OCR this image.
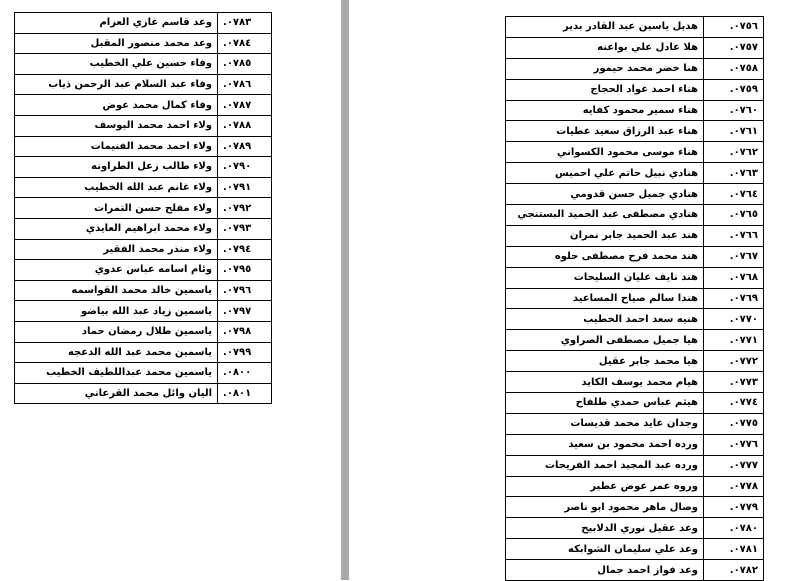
وعد قاسم غازي العزام	٠٧٨٣.
وعد محمد منصور المقبل	٠٧٨٤.
وفاء حسين علي الخطيب	٠٧٨٥.
وفاء عبد السلام عبد الرحمن ذياب	٠٧٨٦.
وفاء كمال محمد عوض	٠٧٨٧.
ولاء احمد محمد اليوسف	٠٧٨٨.
ولاء احمد محمد الفنيمات	٠٧٨٩.
ولاء طالب زعل الطراونه	٠٧٩٠.
ولاء غانم عبد الله الخطيب	٠٧٩١.
ولاء مفلح حسن التمرات	٠٧٩٢.
ولاء محمد ابراهيم العايدي	٠٧٩٣.
ولاء منذر محمد الفقير	٠٧٩٤.
وئام اسامه عباس عدوي	٠٧٩٥.
ياسمين خالد محمد القواسمه	٠٧٩٦.
ياسمين زياد عبد الله بياضو	٠٧٩٧.
ياسمين طلال رمضان حماد	٠٧٩٨.
ياسمين محمد عبد الله الدعجه	٠٧٩٩.
ياسمين محمد عبداللطيف الخطيب	٠٨٠٠.
اليان وائل محمد القرعاني	٠٨٠١.
هديل ياسين عبد القادر بدير	٠٧٥٦.
هلا عادل علي بواعنه	٠٧٥٧.
هنا خضر محمد حيمور	٠٧٥٨.
هناء احمد عواد الحجاج	٠٧٥٩.
هناء سمير محمود كفايه	٠٧٦٠.
هناء عبد الرزاق سعيد عطيات	٠٧٦١.
هناء موسى محمود الكسواني	٠٧٦٢.
هنادي نبيل حاتم علي احميس	٠٧٦٣.
هنادي جميل حسن قدومي	٠٧٦٤.
هنادي مصطفى عبد الحميد البستنجي	٠٧٦٥.
هند عبد الحميد جابر نمران	٠٧٦٦.
هند محمد فرح مصطفى حلوه	٠٧٦٧.
هند نايف عليان السليحات	٠٧٦٨.
هندا سالم صياح المساعيد	٠٧٦٩.
هنيه سعد احمد الخطيب	٠٧٧٠.
هيا جميل مصطفى الصراوي	٠٧٧١.
هيا محمد جابر عقيل	٠٧٧٢.
هيام محمد يوسف الكايد	٠٧٧٣.
هيثم عباس حمدي طلفاح	٠٧٧٤.
وجدان عايد محمد قديسات	٠٧٧٥.
ورده احمد محمود بن سعيد	٠٧٧٦.
ورده عبد المجيد احمد الفريحات	٠٧٧٧.
وروه عمر عوض عطير	٠٧٧٨.
وصال ماهر محمود ابو ناصر	٠٧٧٩.
وعد عقيل نوري الدلابيح	٠٧٨٠.
وعد علي سليمان الشوابكه	٠٧٨١.
وعد فواز احمد جمال	٠٧٨٢.
